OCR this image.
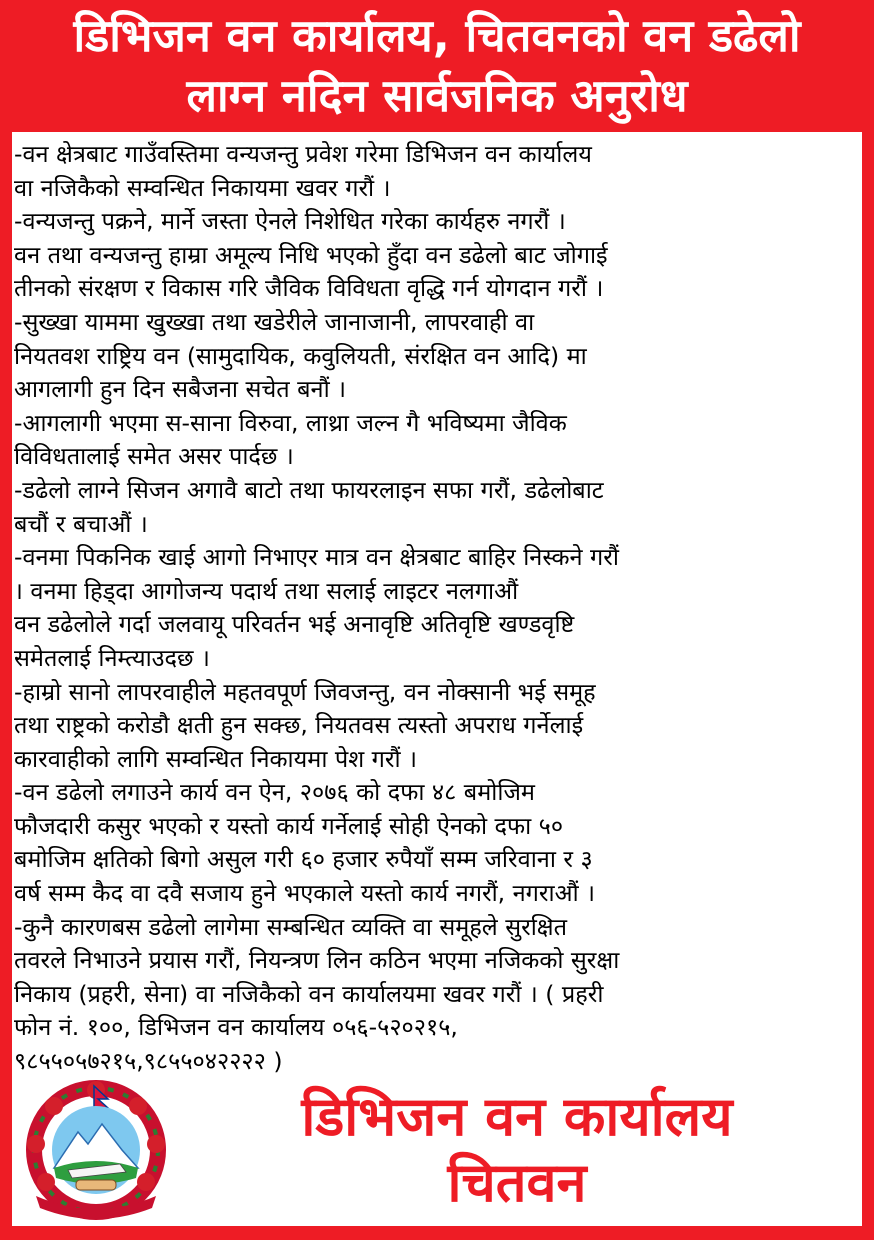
डिभिजन वन कार्यालय, चितवनको वन डढेलो
लाग्न नदिन सार्वजनिक अनुरोध

-वन क्षेत्रबाट गाउँवस्तिमा वन्यजन्तु प्रवेश गरेमा डिभिजन वन कार्यालय

वा नजिकैको सम्वन्धित निकायमा खवर गरौं ।

-वन्यजन्तु पक्रने, मार्ने जस्ता ऐनले निशेधित गरेका कार्यहरु नगरौं ।

वन तथा वन्यजन्तु हाम्रा अमूल्य निधि भएको हुँदा वन डढेलो बाट जोगाई

तीनको संरक्षण र विकास गरि जैविक विविधता वृद्धि गर्न योगदान गरौं ।

-सुख्खा याममा खुख्खा तथा खडेरीले जानाजानी, लापरवाही वा

नियतवश राष्ट्रिय वन (सामुदायिक, कवुलियती, संरक्षित वन आदि) मा

आगलागी हुन दिन सबैजना सचेत बनौं ।

-आगलागी भएमा स-साना विरुवा, लाथ्रा जल्न गै भविष्यमा जैविक

विविधतालाई समेत असर पार्दछ ।

-डढेलो लाग्ने सिजन अगावै बाटो तथा फायरलाइन सफा गरौं, डढेलोबाट

बचौं र बचाऔं ।

-वनमा पिकनिक खाई आगो निभाएर मात्र वन क्षेत्रबाट बाहिर निस्कने गरौं

। वनमा हिड्दा आगोजन्य पदार्थ तथा सलाई लाइटर नलगाऔं

वन डढेलोले गर्दा जलवायू परिवर्तन भई अनावृष्टि अतिवृष्टि खण्डवृष्टि

समेतलाई निम्त्याउदछ ।

-हाम्रो सानो लापरवाहीले महतवपूर्ण जिवजन्तु, वन नोक्सानी भई समूह

तथा राष्ट्रको करोडौ क्षती हुन सक्छ, नियतवस त्यस्तो अपराध गर्नेलाई

कारवाहीको लागि सम्वन्धित निकायमा पेश गरौं ।

-वन डढेलो लगाउने कार्य वन ऐन, २०७६ को दफा ४८ बमोजिम

फौजदारी कसुर भएको र यस्तो कार्य गर्नेलाई सोही ऐनको दफा ५०

बमोजिम क्षतिको बिगो असुल गरी ६० हजार रुपैयाँ सम्म जरिवाना र ३

वर्ष सम्म कैद वा दवै सजाय हुने भएकाले यस्तो कार्य नगरौं, नगराऔं ।

-कुनै कारणबस डढेलो लागेमा सम्बन्धित व्यक्ति वा समूहले सुरक्षित

तवरले निभाउने प्रयास गरौं, नियन्त्रण लिन कठिन भएमा नजिकको सुरक्षा

निकाय (प्रहरी, सेना) वा नजिकैको वन कार्यालयमा खवर गरौं । ( प्रहरी

फोन नं. १००, डिभिजन वन कार्यालय ०५६-५२०२१५,

९८५५०५७२१५,९८५५०४२२२२ )

डिभिजन वन कार्यालय
चितवन
